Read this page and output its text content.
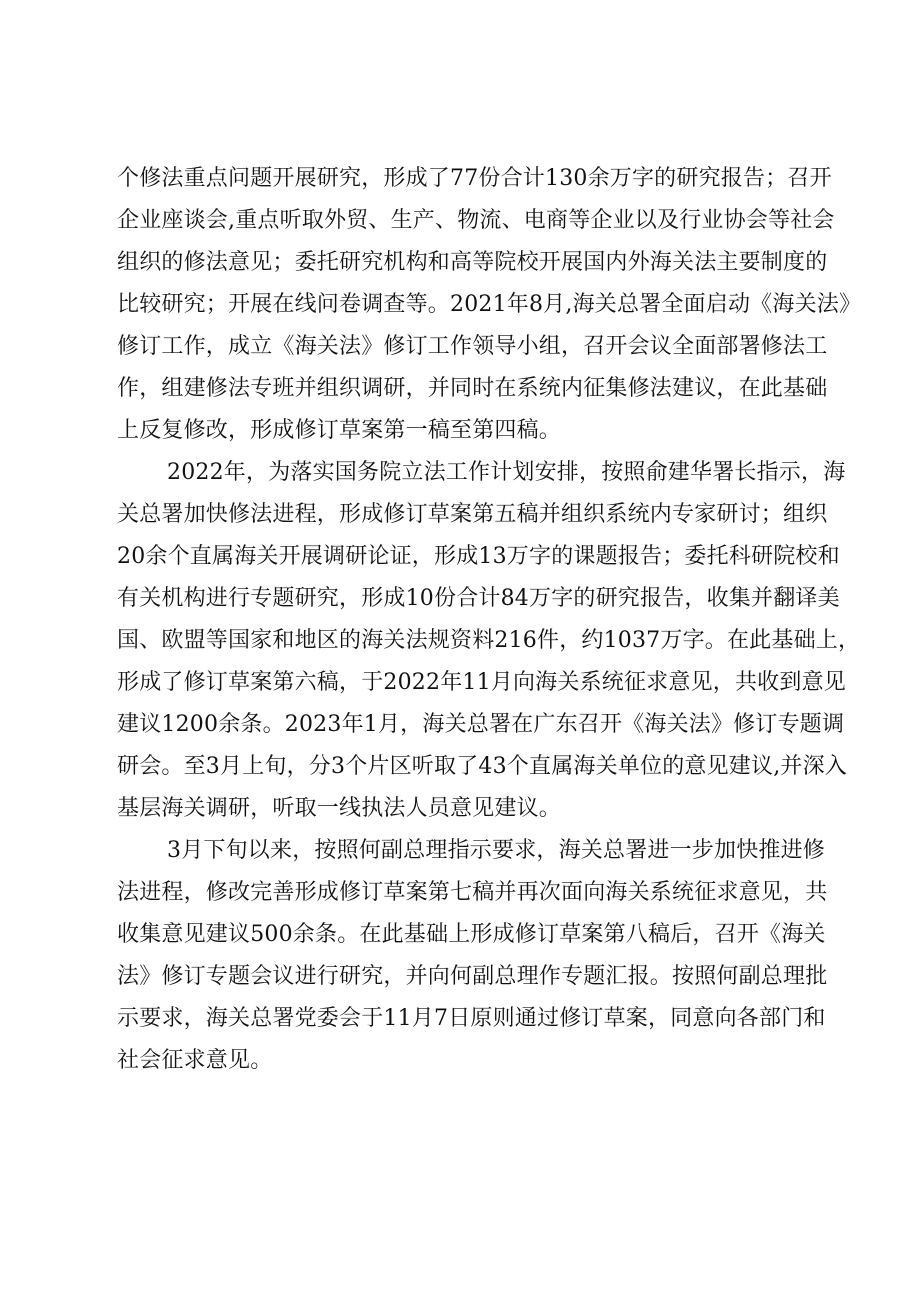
个修法重点问题开展研究，形成了77份合计130余万字的研究报告；召开
企业座谈会,重点听取外贸、生产、物流、电商等企业以及行业协会等社会
组织的修法意见；委托研究机构和高等院校开展国内外海关法主要制度的
比较研究；开展在线问卷调查等。2021年8月,海关总署全面启动《海关法》
修订工作，成立《海关法》修订工作领导小组，召开会议全面部署修法工
作，组建修法专班并组织调研，并同时在系统内征集修法建议，在此基础
上反复修改，形成修订草案第一稿至第四稿。
2022年，为落实国务院立法工作计划安排，按照俞建华署长指示，海
关总署加快修法进程，形成修订草案第五稿并组织系统内专家研讨；组织
20余个直属海关开展调研论证，形成13万字的课题报告；委托科研院校和
有关机构进行专题研究，形成10份合计84万字的研究报告，收集并翻译美
国、欧盟等国家和地区的海关法规资料216件，约1037万字。在此基础上，
形成了修订草案第六稿，于2022年11月向海关系统征求意见，共收到意见
建议1200余条。2023年1月，海关总署在广东召开《海关法》修订专题调
研会。至3月上旬，分3个片区听取了43个直属海关单位的意见建议,并深入
基层海关调研，听取一线执法人员意见建议。
3月下旬以来，按照何副总理指示要求，海关总署进一步加快推进修
法进程，修改完善形成修订草案第七稿并再次面向海关系统征求意见，共
收集意见建议500余条。在此基础上形成修订草案第八稿后，召开《海关
法》修订专题会议进行研究，并向何副总理作专题汇报。按照何副总理批
示要求，海关总署党委会于11月7日原则通过修订草案，同意向各部门和
社会征求意见。
